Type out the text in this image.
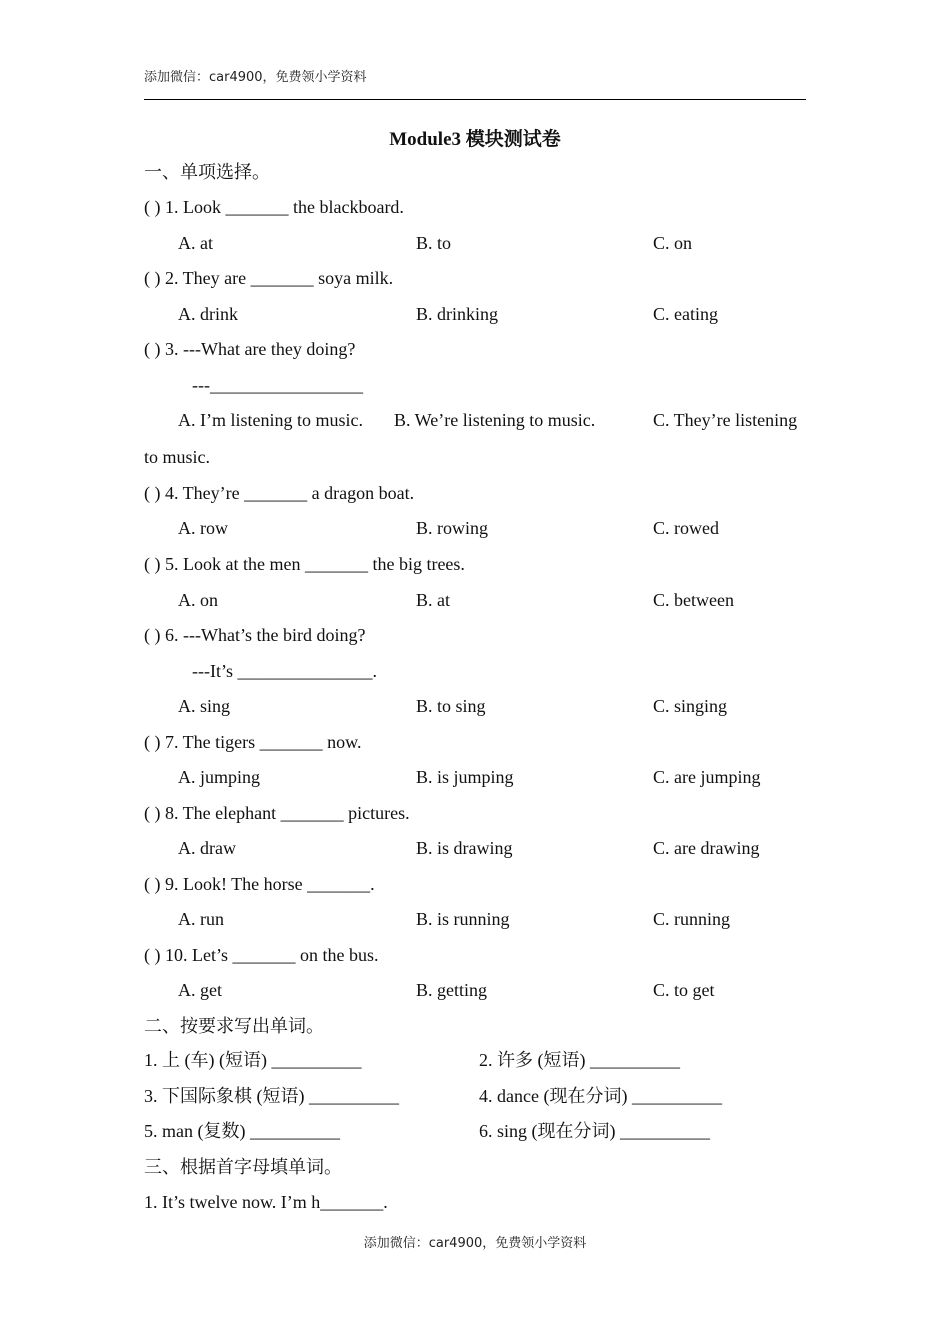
添加微信：car4900，免费领小学资料
Module3 模块测试卷
一、单项选择。
( ) 1. Look _______ the blackboard.
A. at	B. to	C. on
( ) 2. They are _______ soya milk.
A. drink	B. drinking	C. eating
( ) 3. ---What are they doing?
---_________________
A. I’m listening to music. B. We’re listening to music.	C. They’re listening
to music.
( ) 4. They’re _______ a dragon boat.
A. row	B. rowing	C. rowed
( ) 5. Look at the men _______ the big trees.
A. on	B. at	C. between
( ) 6. ---What’s the bird doing?
---It’s _______________.
A. sing	B. to sing	C. singing
( ) 7. The tigers _______ now.
A. jumping	B. is jumping	C. are jumping
( ) 8. The elephant _______ pictures.
A. draw	B. is drawing	C. are drawing
( ) 9. Look! The horse _______.
A. run	B. is running	C. running
( ) 10. Let’s _______ on the bus.
A. get	B. getting	C. to get
二、按要求写出单词。
1. 上 (车) (短语) __________	2. 许多 (短语) __________
3. 下国际象棋 (短语) __________	4. dance (现在分词) __________
5. man (复数) __________	6. sing (现在分词) __________
三、根据首字母填单词。
1. It’s twelve now. I’m h_______.
添加微信：car4900，免费领小学资料
